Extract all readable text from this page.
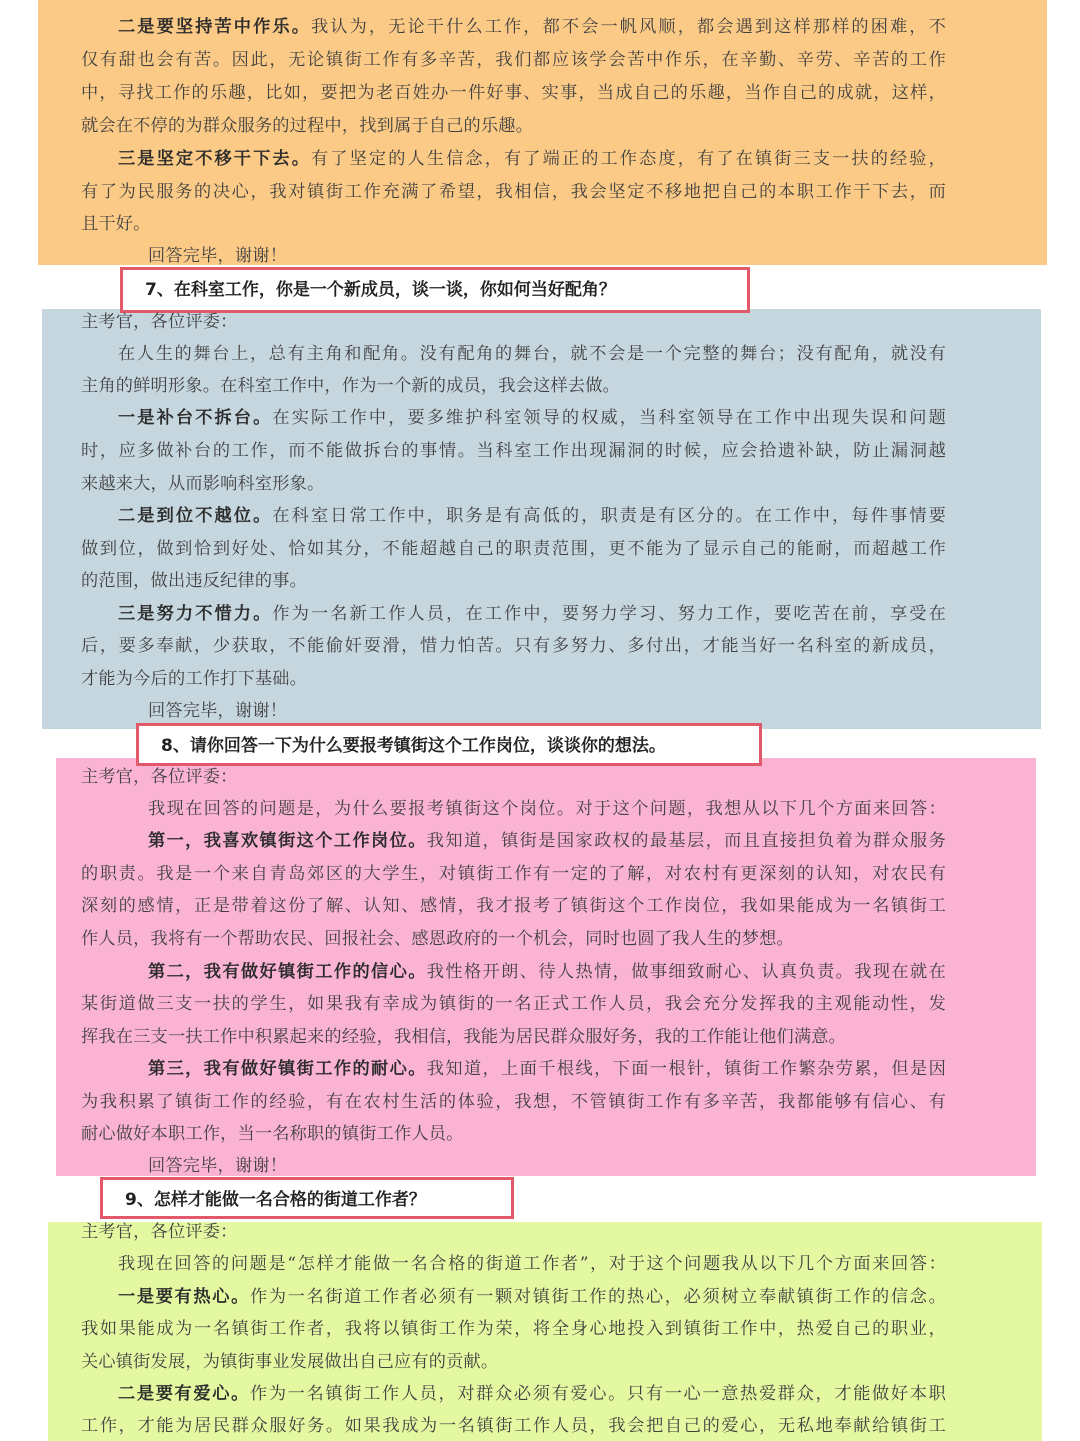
二是要坚持苦中作乐。我认为，无论干什么工作，都不会一帆风顺，都会遇到这样那样的困难，不
仅有甜也会有苦。因此，无论镇街工作有多辛苦，我们都应该学会苦中作乐，在辛勤、辛劳、辛苦的工作
中，寻找工作的乐趣，比如，要把为老百姓办一件好事、实事，当成自己的乐趣，当作自己的成就，这样，
就会在不停的为群众服务的过程中，找到属于自己的乐趣。
三是坚定不移干下去。有了坚定的人生信念，有了端正的工作态度，有了在镇街三支一扶的经验，
有了为民服务的决心，我对镇街工作充满了希望，我相信，我会坚定不移地把自己的本职工作干下去，而
且干好。
回答完毕，谢谢！
7、在科室工作，你是一个新成员，谈一谈，你如何当好配角？
主考官，各位评委：
在人生的舞台上，总有主角和配角。没有配角的舞台，就不会是一个完整的舞台；没有配角，就没有
主角的鲜明形象。在科室工作中，作为一个新的成员，我会这样去做。
一是补台不拆台。在实际工作中，要多维护科室领导的权威，当科室领导在工作中出现失误和问题
时，应多做补台的工作，而不能做拆台的事情。当科室工作出现漏洞的时候，应会拾遗补缺，防止漏洞越
来越来大，从而影响科室形象。
二是到位不越位。在科室日常工作中，职务是有高低的，职责是有区分的。在工作中，每件事情要
做到位，做到恰到好处、恰如其分，不能超越自己的职责范围，更不能为了显示自己的能耐，而超越工作
的范围，做出违反纪律的事。
三是努力不惜力。作为一名新工作人员，在工作中，要努力学习、努力工作，要吃苦在前，享受在
后，要多奉献，少获取，不能偷奸耍滑，惜力怕苦。只有多努力、多付出，才能当好一名科室的新成员，
才能为今后的工作打下基础。
回答完毕，谢谢！
8、请你回答一下为什么要报考镇街这个工作岗位，谈谈你的想法。
主考官，各位评委：
我现在回答的问题是，为什么要报考镇街这个岗位。对于这个问题，我想从以下几个方面来回答：
第一，我喜欢镇街这个工作岗位。我知道，镇街是国家政权的最基层，而且直接担负着为群众服务
的职责。我是一个来自青岛郊区的大学生，对镇街工作有一定的了解，对农村有更深刻的认知，对农民有
深刻的感情，正是带着这份了解、认知、感情，我才报考了镇街这个工作岗位，我如果能成为一名镇街工
作人员，我将有一个帮助农民、回报社会、感恩政府的一个机会，同时也圆了我人生的梦想。
第二，我有做好镇街工作的信心。我性格开朗、待人热情，做事细致耐心、认真负责。我现在就在
某街道做三支一扶的学生，如果我有幸成为镇街的一名正式工作人员，我会充分发挥我的主观能动性，发
挥我在三支一扶工作中积累起来的经验，我相信，我能为居民群众服好务，我的工作能让他们满意。
第三，我有做好镇街工作的耐心。我知道，上面千根线，下面一根针，镇街工作繁杂劳累，但是因
为我积累了镇街工作的经验，有在农村生活的体验，我想，不管镇街工作有多辛苦，我都能够有信心、有
耐心做好本职工作，当一名称职的镇街工作人员。
回答完毕，谢谢！
9、怎样才能做一名合格的街道工作者？
主考官，各位评委：
我现在回答的问题是“怎样才能做一名合格的街道工作者”，对于这个问题我从以下几个方面来回答：
一是要有热心。作为一名街道工作者必须有一颗对镇街工作的热心，必须树立奉献镇街工作的信念。
我如果能成为一名镇街工作者，我将以镇街工作为荣，将全身心地投入到镇街工作中，热爱自己的职业，
关心镇街发展，为镇街事业发展做出自己应有的贡献。
二是要有爱心。作为一名镇街工作人员，对群众必须有爱心。只有一心一意热爱群众，才能做好本职
工作，才能为居民群众服好务。如果我成为一名镇街工作人员，我会把自己的爱心，无私地奉献给镇街工
